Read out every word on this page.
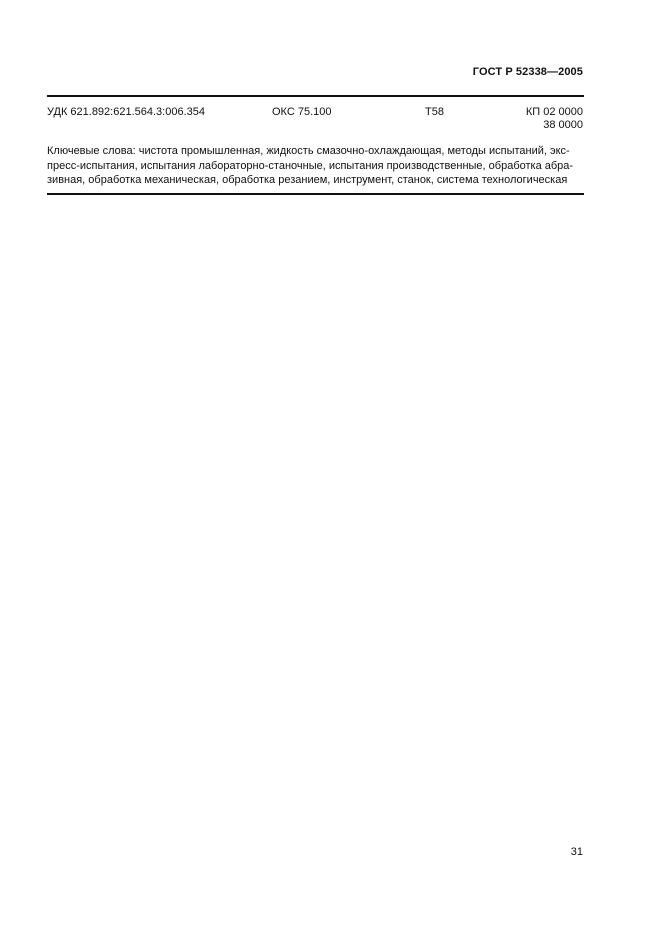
ГОСТ Р 52338—2005
УДК 621.892:621.564.3:006.354	ОКС 75.100	Т58	КП 02 0000
38 0000
Ключевые слова: чистота промышленная, жидкость смазочно-охлаждающая, методы испытаний, экс-
пресс-испытания, испытания лабораторно-станочные, испытания производственные, обработка абра-
зивная, обработка механическая, обработка резанием, инструмент, станок, система технологическая
31
